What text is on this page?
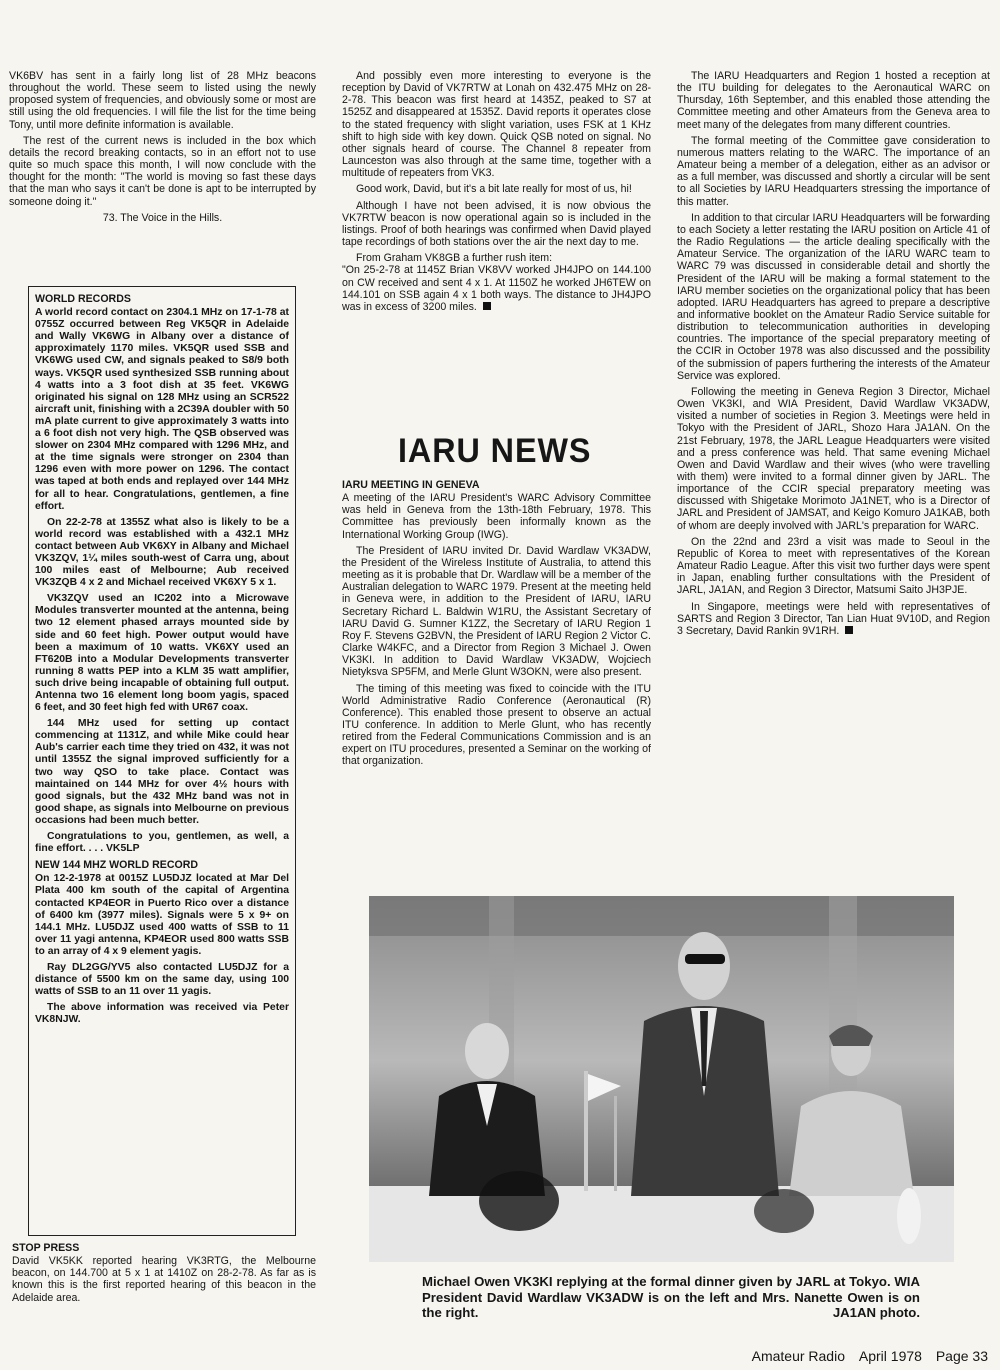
VK6BV has sent in a fairly long list of 28 MHz beacons throughout the world. These seem to listed using the newly proposed system of frequencies, and obviously some or most are still using the old frequencies. I will file the list for the time being Tony, until more definite information is available.

The rest of the current news is included in the box which details the record breaking contacts, so in an effort not to use quite so much space this month, I will now conclude with the thought for the month: "The world is moving so fast these days that the man who says it can't be done is apt to be interrupted by someone doing it."

73. The Voice in the Hills.

WORLD RECORDS

A world record contact on 2304.1 MHz on 17-1-78 at 0755Z occurred between Reg VK5QR in Adelaide and Wally VK6WG in Albany over a distance of approximately 1170 miles. VK5QR used SSB and VK6WG used CW, and signals peaked to S8/9 both ways. VK5QR used synthesized SSB running about 4 watts into a 3 foot dish at 35 feet. VK6WG originated his signal on 128 MHz using an SCR522 aircraft unit, finishing with a 2C39A doubler with 50 mA plate current to give approximately 3 watts into a 6 foot dish not very high. The QSB observed was slower on 2304 MHz compared with 1296 MHz, and at the time signals were stronger on 2304 than 1296 even with more power on 1296. The contact was taped at both ends and replayed over 144 MHz for all to hear. Congratulations, gentlemen, a fine effort.

On 22-2-78 at 1355Z what also is likely to be a world record was established with a 432.1 MHz contact between Aub VK6XY in Albany and Michael VK3ZQV, 1¼ miles south-west of Carra ung, about 100 miles east of Melbourne; Aub received VK3ZQB 4 x 2 and Michael received VK6XY 5 x 1.

VK3ZQV used an IC202 into a Microwave Modules transverter mounted at the antenna, being two 12 element phased arrays mounted side by side and 60 feet high. Power output would have been a maximum of 10 watts. VK6XY used an FT620B into a Modular Developments transverter running 8 watts PEP into a KLM 35 watt amplifier, such drive being incapable of obtaining full output. Antenna two 16 element long boom yagis, spaced 6 feet, and 30 feet high fed with UR67 coax.

144 MHz used for setting up contact commencing at 1131Z, and while Mike could hear Aub's carrier each time they tried on 432, it was not until 1355Z the signal improved sufficiently for a two way QSO to take place. Contact was maintained on 144 MHz for over 4½ hours with good signals, but the 432 MHz band was not in good shape, as signals into Melbourne on previous occasions had been much better.

Congratulations to you, gentlemen, as well, a fine effort. . . . VK5LP

NEW 144 MHZ WORLD RECORD

On 12-2-1978 at 0015Z LU5DJZ located at Mar Del Plata 400 km south of the capital of Argentina contacted KP4EOR in Puerto Rico over a distance of 6400 km (3977 miles). Signals were 5 x 9+ on 144.1 MHz. LU5DJZ used 400 watts of SSB to 11 over 11 yagi antenna, KP4EOR used 800 watts SSB to an array of 4 x 9 element yagis.

Ray DL2GG/YV5 also contacted LU5DJZ for a distance of 5500 km on the same day, using 100 watts of SSB to an 11 over 11 yagis.

The above information was received via Peter VK8NJW.

STOP PRESS

David VK5KK reported hearing VK3RTG, the Melbourne beacon, on 144.700 at 5 x 1 at 1410Z on 28-2-78. As far as is known this is the first reported hearing of this beacon in the Adelaide area.

And possibly even more interesting to everyone is the reception by David of VK7RTW at Lonah on 432.475 MHz on 28-2-78. This beacon was first heard at 1435Z, peaked to S7 at 1525Z and disappeared at 1535Z. David reports it operates close to the stated frequency with slight variation, uses FSK at 1 KHz shift to high side with key down. Quick QSB noted on signal. No other signals heard of course. The Channel 8 repeater from Launceston was also through at the same time, together with a multitude of repeaters from VK3.

Good work, David, but it's a bit late really for most of us, hi!

Although I have not been advised, it is now obvious the VK7RTW beacon is now operational again so is included in the listings. Proof of both hearings was confirmed when David played tape recordings of both stations over the air the next day to me.

From Graham VK8GB a further rush item:

"On 25-2-78 at 1145Z Brian VK8VV worked JH4JPO on 144.100 on CW received and sent 4 x 1. At 1150Z he worked JH6TEW on 144.101 on SSB again 4 x 1 both ways. The distance to JH4JPO was in excess of 3200 miles.

IARU NEWS
IARU MEETING IN GENEVA

A meeting of the IARU President's WARC Advisory Committee was held in Geneva from the 13th-18th February, 1978. This Committee has previously been informally known as the International Working Group (IWG).

The President of IARU invited Dr. David Wardlaw VK3ADW, the President of the Wireless Institute of Australia, to attend this meeting as it is probable that Dr. Wardlaw will be a member of the Australian delegation to WARC 1979. Present at the meeting held in Geneva were, in addition to the President of IARU, IARU Secretary Richard L. Baldwin W1RU, the Assistant Secretary of IARU David G. Sumner K1ZZ, the Secretary of IARU Region 1 Roy F. Stevens G2BVN, the President of IARU Region 2 Victor C. Clarke W4KFC, and a Director from Region 3 Michael J. Owen VK3KI. In addition to David Wardlaw VK3ADW, Wojciech Nietyksva SP5FM, and Merle Glunt W3OKN, were also present.

The timing of this meeting was fixed to coincide with the ITU World Administrative Radio Conference (Aeronautical (R) Conference). This enabled those present to observe an actual ITU conference. In addition to Merle Glunt, who has recently retired from the Federal Communications Commission and is an expert on ITU procedures, presented a Seminar on the working of that organization.

The IARU Headquarters and Region 1 hosted a reception at the ITU building for delegates to the Aeronautical WARC on Thursday, 16th September, and this enabled those attending the Committee meeting and other Amateurs from the Geneva area to meet many of the delegates from many different countries.

The formal meeting of the Committee gave consideration to numerous matters relating to the WARC. The importance of an Amateur being a member of a delegation, either as an advisor or as a full member, was discussed and shortly a circular will be sent to all Societies by IARU Headquarters stressing the importance of this matter.

In addition to that circular IARU Headquarters will be forwarding to each Society a letter restating the IARU position on Article 41 of the Radio Regulations — the article dealing specifically with the Amateur Service. The organization of the IARU WARC team to WARC 79 was discussed in considerable detail and shortly the President of the IARU will be making a formal statement to the IARU member societies on the organizational policy that has been adopted. IARU Headquarters has agreed to prepare a descriptive and informative booklet on the Amateur Radio Service suitable for distribution to telecommunication authorities in developing countries. The importance of the special preparatory meeting of the CCIR in October 1978 was also discussed and the possibility of the submission of papers furthering the interests of the Amateur Service was explored.

Following the meeting in Geneva Region 3 Director, Michael Owen VK3KI, and WIA President, David Wardlaw VK3ADW, visited a number of societies in Region 3. Meetings were held in Tokyo with the President of JARL, Shozo Hara JA1AN. On the 21st February, 1978, the JARL League Headquarters were visited and a press conference was held. That same evening Michael Owen and David Wardlaw and their wives (who were travelling with them) were invited to a formal dinner given by JARL. The importance of the CCIR special preparatory meeting was discussed with Shigetake Morimoto JA1NET, who is a Director of JARL and President of JAMSAT, and Keigo Komuro JA1KAB, both of whom are deeply involved with JARL's preparation for WARC.

On the 22nd and 23rd a visit was made to Seoul in the Republic of Korea to meet with representatives of the Korean Amateur Radio League. After this visit two further days were spent in Japan, enabling further consultations with the President of JARL, JA1AN, and Region 3 Director, Matsumi Saito JH3PJE.

In Singapore, meetings were held with representatives of SARTS and Region 3 Director, Tan Lian Huat 9V10D, and Region 3 Secretary, David Rankin 9V1RH.

Michael Owen VK3KI replying at the formal dinner given by JARL at Tokyo. WIA President David Wardlaw VK3ADW is on the left and Mrs. Nanette Owen is on the right.	JA1AN photo.
Amateur Radio April 1978 Page 33
